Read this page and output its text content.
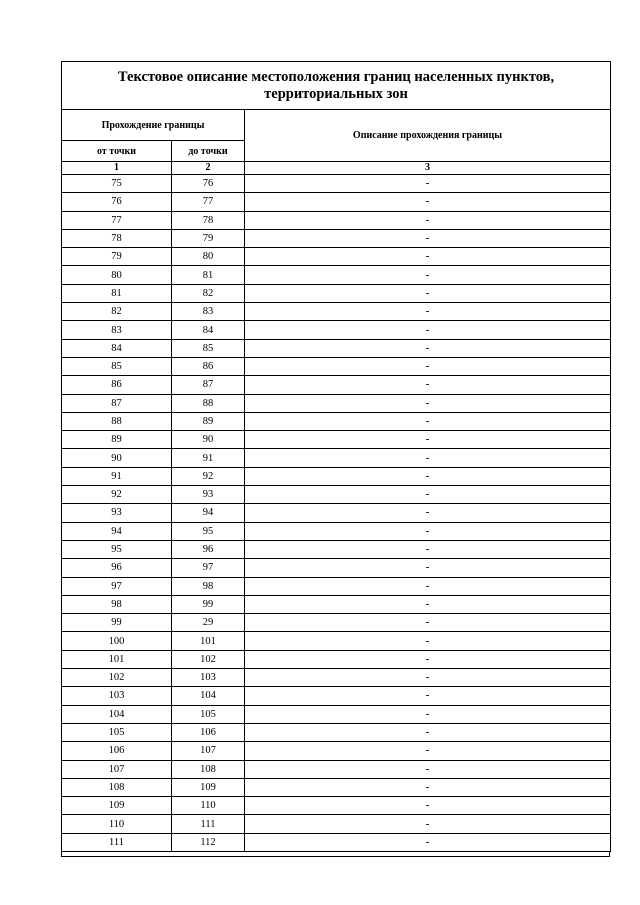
Текстовое описание местоположения границ населенных пунктов, территориальных зон		
Прохождение границы		Описание прохождения границы
от точки	до точки	
1	2	3
75	76	-
76	77	-
77	78	-
78	79	-
79	80	-
80	81	-
81	82	-
82	83	-
83	84	-
84	85	-
85	86	-
86	87	-
87	88	-
88	89	-
89	90	-
90	91	-
91	92	-
92	93	-
93	94	-
94	95	-
95	96	-
96	97	-
97	98	-
98	99	-
99	29	-
100	101	-
101	102	-
102	103	-
103	104	-
104	105	-
105	106	-
106	107	-
107	108	-
108	109	-
109	110	-
110	111	-
111	112	-
